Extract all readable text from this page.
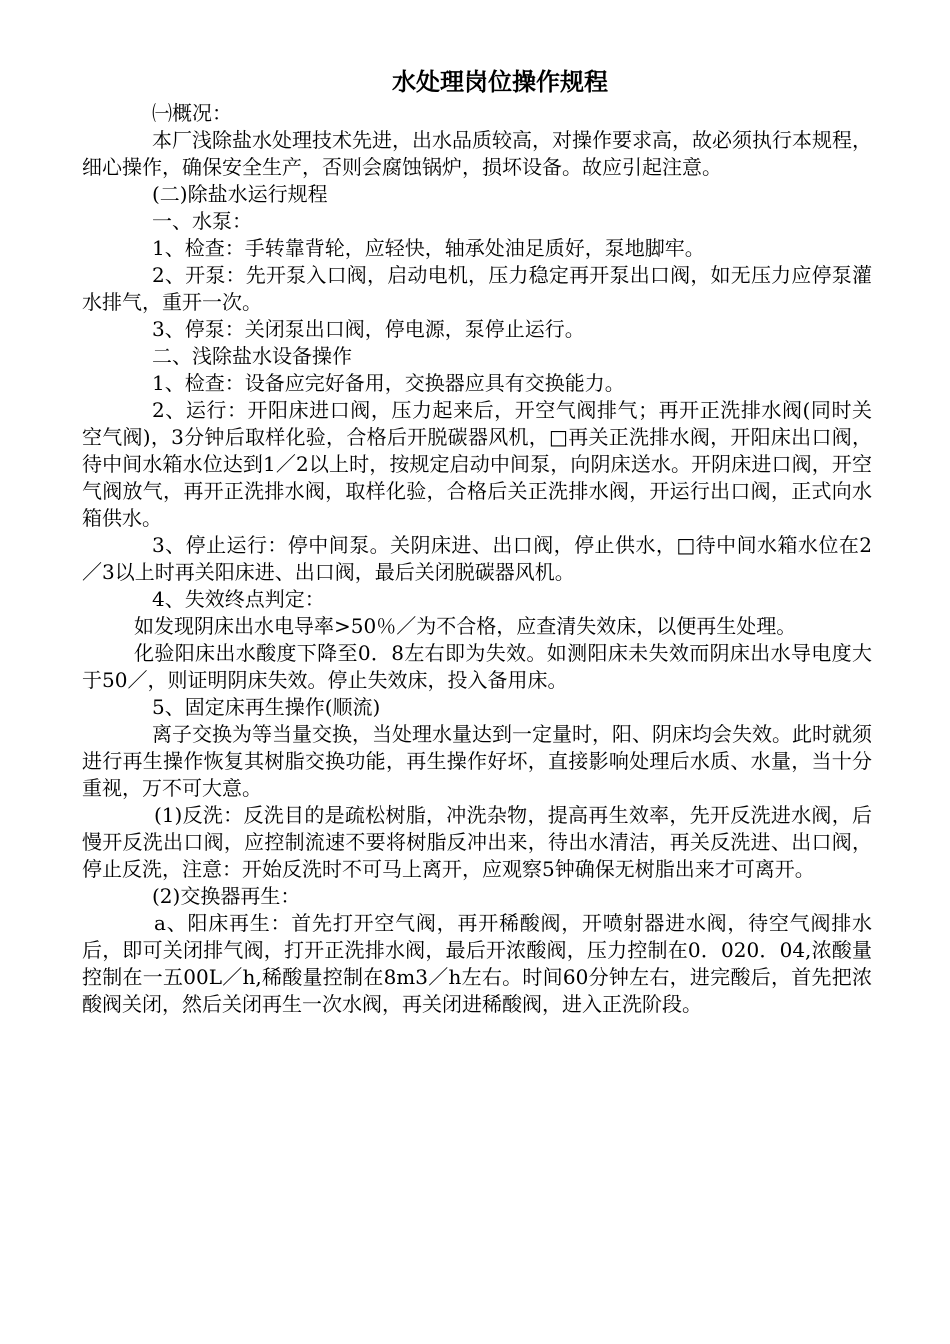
水处理岗位操作规程

㈠概况：

本厂浅除盐水处理技术先进，出水品质较高，对操作要求高，故必须执行本规程，细心操作，确保安全生产，否则会腐蚀锅炉，损坏设备。故应引起注意。

(二)除盐水运行规程

一、水泵：

1、检查：手转靠背轮，应轻快，轴承处油足质好，泵地脚牢。

2、开泵：先开泵入口阀，启动电机，压力稳定再开泵出口阀，如无压力应停泵灌水排气，重开一次。

3、停泵：关闭泵出口阀，停电源，泵停止运行。

二、浅除盐水设备操作

1、检查：设备应完好备用，交换器应具有交换能力。

2、运行：开阳床进口阀，压力起来后，开空气阀排气；再开正洗排水阀(同时关空气阀)，3分钟后取样化验，合格后开脱碳器风机，□再关正洗排水阀，开阳床出口阀，待中间水箱水位达到1／2以上时，按规定启动中间泵，向阴床送水。开阴床进口阀，开空气阀放气，再开正洗排水阀，取样化验，合格后关正洗排水阀，开运行出口阀，正式向水箱供水。

3、停止运行：停中间泵。关阴床进、出口阀，停止供水，□待中间水箱水位在2／3以上时再关阳床进、出口阀，最后关闭脱碳器风机。

4、失效终点判定：

如发现阴床出水电导率>50％／为不合格，应查清失效床，以便再生处理。

化验阳床出水酸度下降至0．8左右即为失效。如测阳床未失效而阴床出水导电度大于50／，则证明阴床失效。停止失效床，投入备用床。

5、固定床再生操作(顺流)

离子交换为等当量交换，当处理水量达到一定量时，阳、阴床均会失效。此时就须进行再生操作恢复其树脂交换功能，再生操作好坏，直接影响处理后水质、水量，当十分重视，万不可大意。

(1)反洗：反洗目的是疏松树脂，冲洗杂物，提高再生效率，先开反洗进水阀，后慢开反洗出口阀，应控制流速不要将树脂反冲出来，待出水清洁，再关反洗进、出口阀，停止反洗，注意：开始反洗时不可马上离开，应观察5钟确保无树脂出来才可离开。

(2)交换器再生：

a、阳床再生：首先打开空气阀，再开稀酸阀，开喷射器进水阀，待空气阀排水后，即可关闭排气阀，打开正洗排水阀，最后开浓酸阀，压力控制在0．020．04,浓酸量控制在一五00L／h,稀酸量控制在8m3／h左右。时间60分钟左右，进完酸后，首先把浓酸阀关闭，然后关闭再生一次水阀，再关闭进稀酸阀，进入正洗阶段。
